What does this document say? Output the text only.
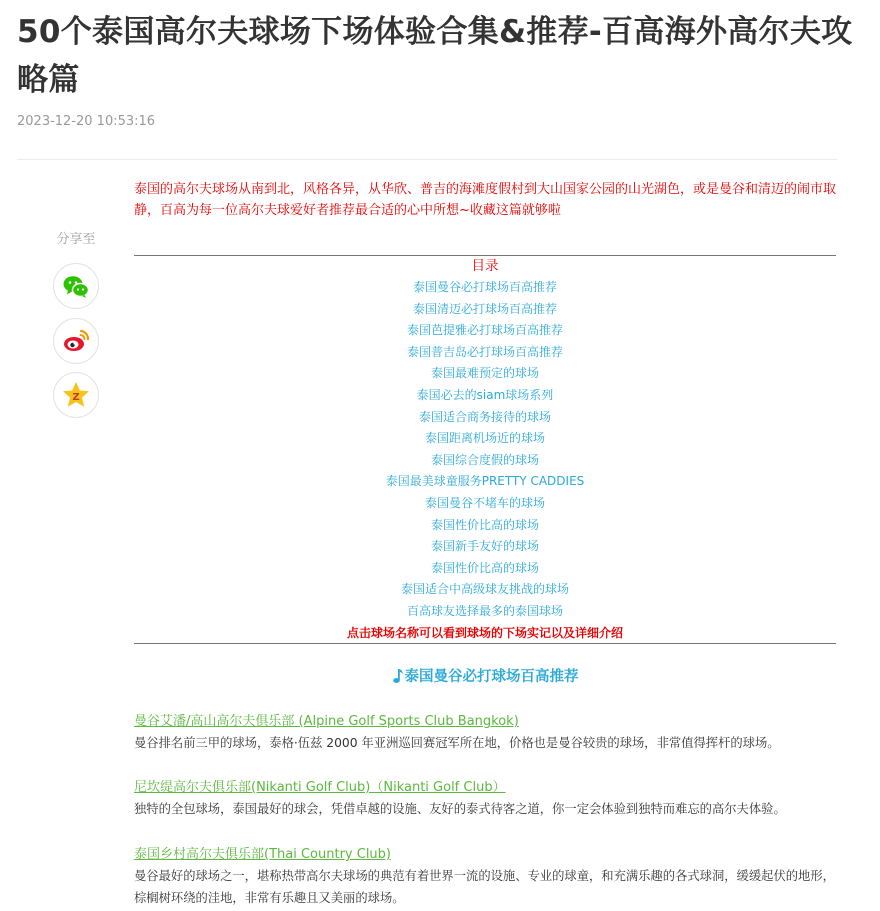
50个泰国高尔夫球场下场体验合集&推荐-百高海外高尔夫攻略篇
2023-12-20 10:53:16
分享至
Z

泰国的高尔夫球场从南到北，风格各异，从华欣、普吉的海滩度假村到大山国家公园的山光湖色，或是曼谷和清迈的闹市取静，百高为每一位高尔夫球爱好者推荐最合适的心中所想~收藏这篇就够啦

目录
泰国曼谷必打球场百高推荐
泰国清迈必打球场百高推荐
泰国芭提雅必打球场百高推荐
泰国普吉岛必打球场百高推荐
泰国最难预定的球场
泰国必去的siam球场系列
泰国适合商务接待的球场
泰国距离机场近的球场
泰国综合度假的球场
泰国最美球童服务PRETTY CADDIES
泰国曼谷不堵车的球场
泰国性价比高的球场
泰国新手友好的球场
泰国性价比高的球场
泰国适合中高级球友挑战的球场
百高球友选择最多的泰国球场
点击球场名称可以看到球场的下场实记以及详细介绍
泰国曼谷必打球场百高推荐
曼谷艾潘/高山高尔夫俱乐部 (Alpine Golf Sports Club Bangkok)

曼谷排名前三甲的球场，泰格·伍兹 2000 年亚洲巡回赛冠军所在地，价格也是曼谷较贵的球场，非常值得挥杆的球场。

尼坎缇高尔夫俱乐部(Nikanti Golf Club)（Nikanti Golf Club）

独特的全包球场，泰国最好的球会，凭借卓越的设施、友好的泰式待客之道，你一定会体验到独特而难忘的高尔夫体验。

泰国乡村高尔夫俱乐部(Thai Country Club)

曼谷最好的球场之一，堪称热带高尔夫球场的典范有着世界一流的设施、专业的球童，和充满乐趣的各式球洞，缓缓起伏的地形，棕榈树环绕的洼地，非常有乐趣且又美丽的球场。
